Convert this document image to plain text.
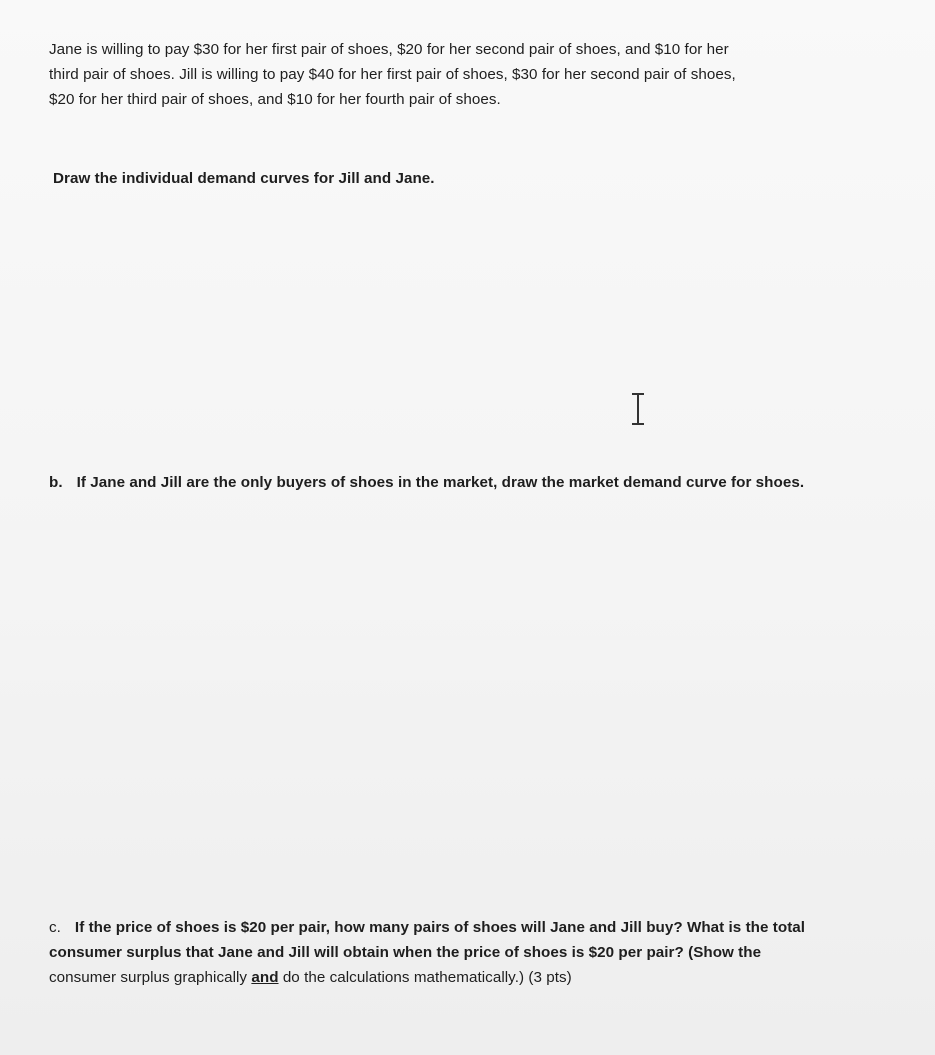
Jane is willing to pay $30 for her first pair of shoes, $20 for her second pair of shoes, and $10 for her
third pair of shoes. Jill is willing to pay $40 for her first pair of shoes, $30 for her second pair of shoes,
$20 for her third pair of shoes, and $10 for her fourth pair of shoes.

Draw the individual demand curves for Jill and Jane.

b. If Jane and Jill are the only buyers of shoes in the market, draw the market demand curve for shoes.

c. If the price of shoes is $20 per pair, how many pairs of shoes will Jane and Jill buy? What is the total
consumer surplus that Jane and Jill will obtain when the price of shoes is $20 per pair? (Show the
consumer surplus graphically and do the calculations mathematically.) (3 pts)
